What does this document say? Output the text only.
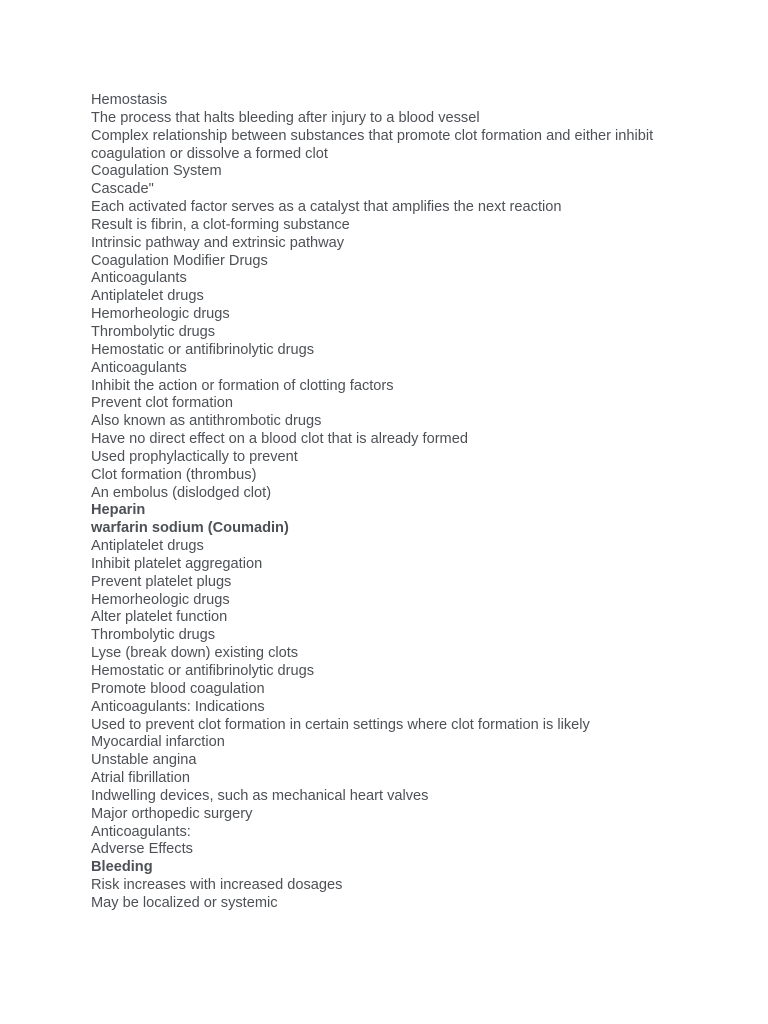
Hemostasis

The process that halts bleeding after injury to a blood vessel

Complex relationship between substances that promote clot formation and either inhibit coagulation or dissolve a formed clot

Coagulation System

Cascade"

Each activated factor serves as a catalyst that amplifies the next reaction

Result is fibrin, a clot-forming substance

Intrinsic pathway and extrinsic pathway

Coagulation Modifier Drugs

Anticoagulants

Antiplatelet drugs

Hemorheologic drugs

Thrombolytic drugs

Hemostatic or antifibrinolytic drugs

Anticoagulants

Inhibit the action or formation of clotting factors

Prevent clot formation

Also known as antithrombotic drugs

Have no direct effect on a blood clot that is already formed

Used prophylactically to prevent

Clot formation (thrombus)

An embolus (dislodged clot)

Heparin

warfarin sodium (Coumadin)

Antiplatelet drugs

Inhibit platelet aggregation

Prevent platelet plugs

Hemorheologic drugs

Alter platelet function

Thrombolytic drugs

Lyse (break down) existing clots

Hemostatic or antifibrinolytic drugs

Promote blood coagulation

Anticoagulants: Indications

Used to prevent clot formation in certain settings where clot formation is likely

Myocardial infarction

Unstable angina

Atrial fibrillation

Indwelling devices, such as mechanical heart valves

Major orthopedic surgery

Anticoagulants:

Adverse Effects

Bleeding

Risk increases with increased dosages

May be localized or systemic
